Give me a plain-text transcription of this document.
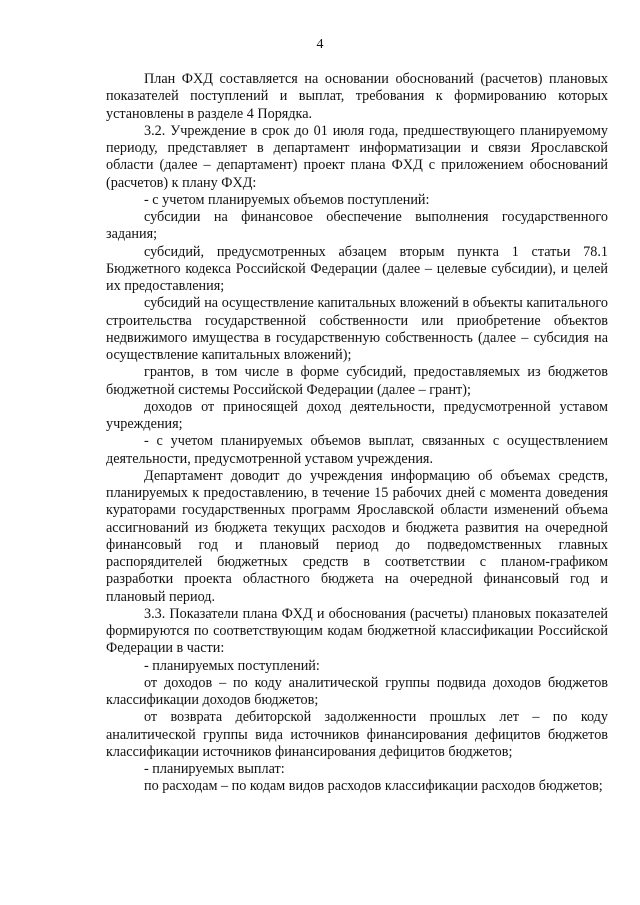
4

План ФХД составляется на основании обоснований (расчетов) плановых показателей поступлений и выплат, требования к формированию которых установлены в разделе 4 Порядка.

3.2. Учреждение в срок до 01 июля года, предшествующего планируемому периоду, представляет в департамент информатизации и связи Ярославской области (далее – департамент) проект плана ФХД с приложением обоснований (расчетов) к плану ФХД:

- с учетом планируемых объемов поступлений:

субсидии на финансовое обеспечение выполнения государственного задания;

субсидий, предусмотренных абзацем вторым пункта 1 статьи 78.1 Бюджетного кодекса Российской Федерации (далее – целевые субсидии), и целей их предоставления;

субсидий на осуществление капитальных вложений в объекты капитального строительства государственной собственности или приобретение объектов недвижимого имущества в государственную собственность (далее – субсидия на осуществление капитальных вложений);

грантов, в том числе в форме субсидий, предоставляемых из бюджетов бюджетной системы Российской Федерации (далее – грант);

доходов от приносящей доход деятельности, предусмотренной уставом учреждения;

- с учетом планируемых объемов выплат, связанных с осуществлением деятельности, предусмотренной уставом учреждения.

Департамент доводит до учреждения информацию об объемах средств, планируемых к предоставлению, в течение 15 рабочих дней с момента доведения кураторами государственных программ Ярославской области изменений объема ассигнований из бюджета текущих расходов и бюджета развития на очередной финансовый год и плановый период до подведомственных главных распорядителей бюджетных средств в соответствии с планом-графиком разработки проекта областного бюджета на очередной финансовый год и плановый период.

3.3. Показатели плана ФХД и обоснования (расчеты) плановых показателей формируются по соответствующим кодам бюджетной классификации Российской Федерации в части:

- планируемых поступлений:

от доходов – по коду аналитической группы подвида доходов бюджетов классификации доходов бюджетов;

от возврата дебиторской задолженности прошлых лет – по коду аналитической группы вида источников финансирования дефицитов бюджетов классификации источников финансирования дефицитов бюджетов;

- планируемых выплат:

по расходам – по кодам видов расходов классификации расходов бюджетов;
